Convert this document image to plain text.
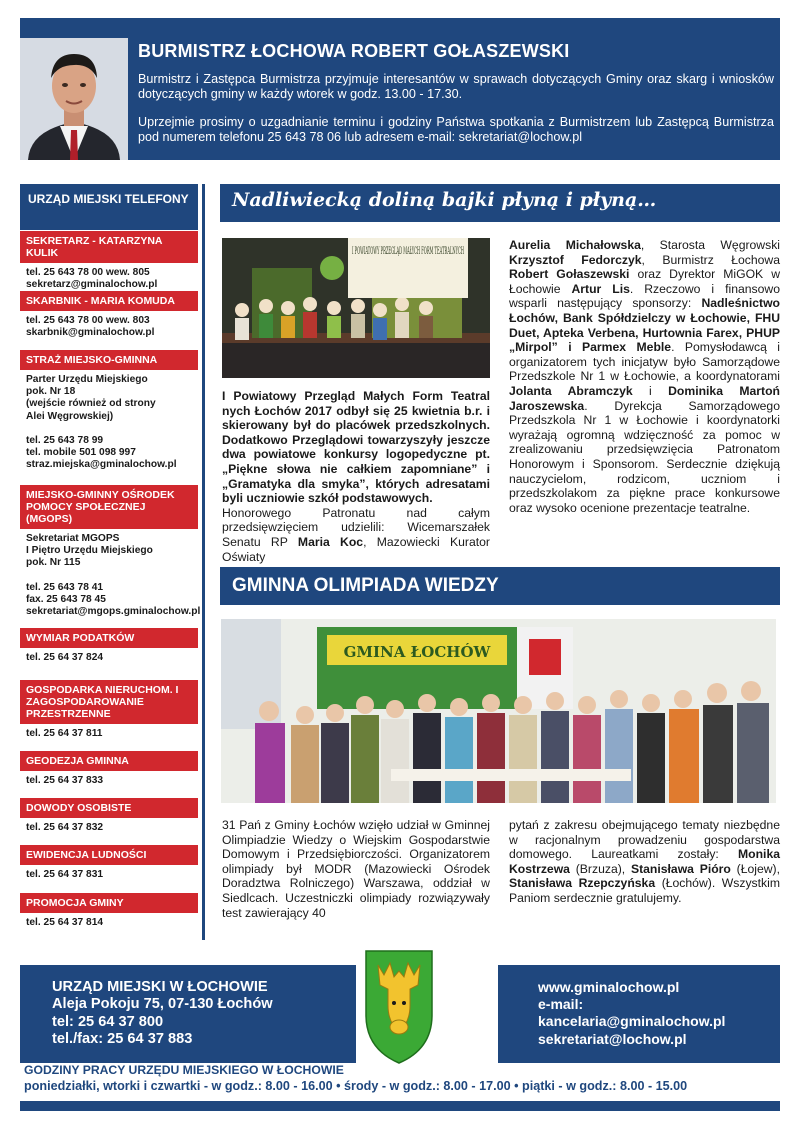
BURMISTRZ ŁOCHOWA ROBERT GOŁASZEWSKI
Burmistrz i Zastępca Burmistrza przyjmuje interesantów w sprawach dotyczących Gminy oraz skarg i wniosków dotyczących gminy w każdy wtorek w godz. 13.00 - 17.30.
Uprzejmie prosimy o uzgadnianie terminu i godziny Państwa spotkania z Burmistrzem lub Zastępcą Burmistrza pod numerem telefonu 25 643 78 06 lub adresem e-mail: sekretariat@lochow.pl
URZĄD MIEJSKI TELEFONY
SEKRETARZ - KATARZYNA KULIK
tel. 25 643 78 00 wew. 805
sekretarz@gminalochow.pl
SKARBNIK - MARIA KOMUDA
tel. 25 643 78 00 wew. 803
skarbnik@gminalochow.pl
STRAŻ MIEJSKO-GMINNA
Parter Urzędu Miejskiego
pok. Nr 18
(wejście również od strony
Alei Węgrowskiej)
tel. 25 643 78 99
tel. mobile 501 098 997
straz.miejska@gminalochow.pl
MIEJSKO-GMINNY OŚRODEK POMOCY SPOŁECZNEJ (MGOPS)
Sekretariat MGOPS
I Piętro Urzędu Miejskiego
pok. Nr 115
tel. 25 643 78 41
fax. 25 643 78 45
sekretariat@mgops.gminalochow.pl
WYMIAR PODATKÓW
tel. 25 64 37 824
GOSPODARKA NIERUCHOM. I ZAGOSPODAROWANIE PRZESTRZENNE
tel. 25 64 37 811
GEODEZJA GMINNA
tel. 25 64 37 833
DOWODY OSOBISTE
tel. 25 64 37 832
EWIDENCJA LUDNOŚCI
tel. 25 64 37 831
PROMOCJA GMINY
tel. 25 64 37 814
Nadliwiecką doliną bajki płyną i płyną…
I POWIATOWY PRZEGLĄD MAŁYCH FORM TEATRALNYCH
I Powiatowy Przegląd Małych Form Teatral nych Łochów 2017 odbył się 25 kwietnia b.r. i skierowany był do placówek przedszkolnych. Dodatkowo Przeglądowi towarzyszyły jeszcze dwa powiatowe konkursy logopedyczne pt. „Piękne słowa nie całkiem zapomniane” i „Gramatyka dla smyka”, których adresatami byli uczniowie szkół podstawowych.
Honorowego Patronatu nad całym przedsięwzięciem udzielili: Wicemarszałek Senatu RP Maria Koc, Mazowiecki Kurator Oświaty
Aurelia Michałowska, Starosta Węgrowski Krzysztof Fedorczyk, Burmistrz Łochowa Robert Gołaszewski oraz Dyrektor MiGOK w Łochowie Artur Lis. Rzeczowo i finansowo wsparli następujący sponsorzy: Nadleśnictwo Łochów, Bank Spółdzielczy w Łochowie, FHU Duet, Apteka Verbena, Hurtownia Farex, PHUP „Mirpol” i Parmex Meble. Pomysłodawcą i organizatorem tych inicjatyw było Samorządowe Przedszkole Nr 1 w Łochowie, a koordynatorami Jolanta Abramczyk i Dominika Martoń Jaroszewska. Dyrekcja Samorządowego Przedszkola Nr 1 w Łochowie i koordynatorki wyrażają ogromną wdzięczność za pomoc w zrealizowaniu przedsięwzięcia Patronatom Honorowym i Sponsorom. Serdecznie dziękują nauczycielom, rodzicom, uczniom i przedszkolakom za piękne prace konkursowe oraz wysoko ocenione prezentacje teatralne.
GMINNA OLIMPIADA WIEDZY
GMINA ŁOCHÓW
31 Pań z Gminy Łochów wzięło udział w Gminnej Olimpiadzie Wiedzy o Wiejskim Gospodarstwie Domowym i Przedsiębiorczości. Organizatorem olimpiady był MODR (Mazowiecki Ośrodek Doradztwa Rolniczego) Warszawa, oddział w Siedlcach. Uczestniczki olimpiady rozwiązywały test zawierający 40
pytań z zakresu obejmującego tematy niezbędne w racjonalnym prowadzeniu gospodarstwa domowego. Laureatkami zostały: Monika Kostrzewa (Brzuza), Stanisława Pióro (Łojew), Stanisława Rzepczyńska (Łochów). Wszystkim Paniom serdecznie gratulujemy.
URZĄD MIEJSKI W ŁOCHOWIE
Aleja Pokoju 75, 07-130 Łochów
tel: 25 64 37 800
tel./fax: 25 64 37 883
www.gminalochow.pl
e-mail:
kancelaria@gminalochow.pl
sekretariat@lochow.pl
GODZINY PRACY URZĘDU MIEJSKIEGO W ŁOCHOWIE
poniedziałki, wtorki i czwartki - w godz.: 8.00 - 16.00 • środy - w godz.: 8.00 - 17.00 • piątki - w godz.: 8.00 - 15.00
